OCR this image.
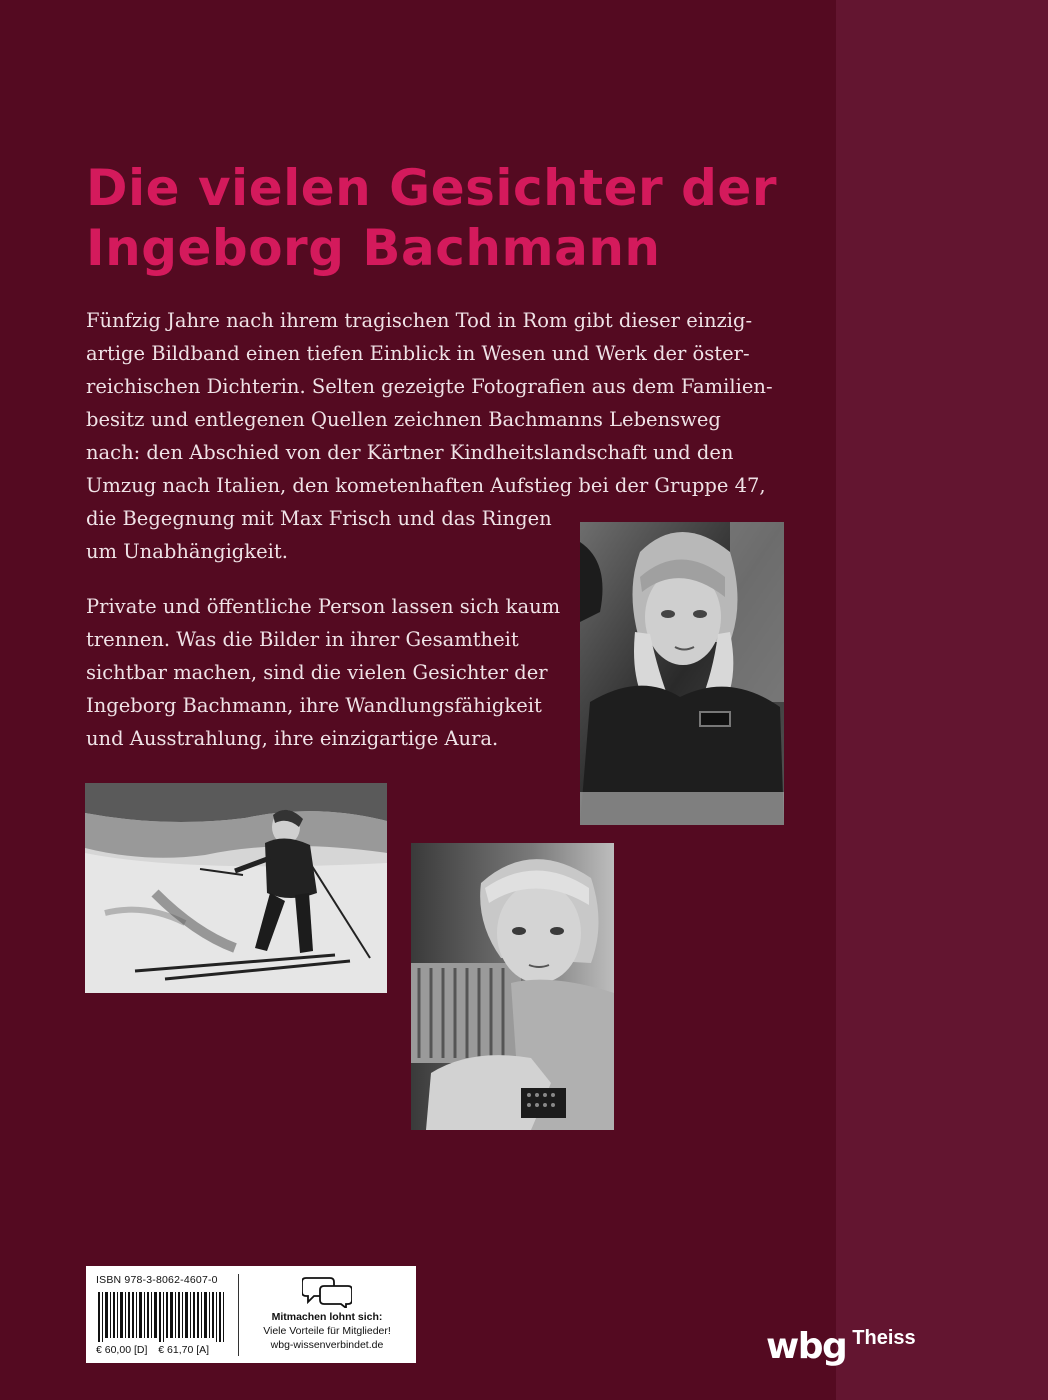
Die vielen Gesichter der
Ingeborg Bachmann

Fünfzig Jahre nach ihrem tragischen Tod in Rom gibt dieser einzig-
artige Bildband einen tiefen Einblick in Wesen und Werk der öster-
reichischen Dichterin. Selten gezeigte Fotografien aus dem Familien-
besitz und entlegenen Quellen zeichnen Bachmanns Lebensweg
nach: den Abschied von der Kärtner Kindheitslandschaft und den
Umzug nach Italien, den kometenhaften Aufstieg bei der Gruppe 47,
die Begegnung mit Max Frisch und das Ringen
um Unabhängigkeit.

Private und öffentliche Person lassen sich kaum
trennen. Was die Bilder in ihrer Gesamtheit
sichtbar machen, sind die vielen Gesichter der
Ingeborg Bachmann, ihre Wandlungsfähigkeit
und Ausstrahlung, ihre einzigartige Aura.

ISBN 978-3-8062-4607-0
€ 60,00 [D] € 61,70 [A]
Mitmachen lohnt sich:
Viele Vorteile für Mitglieder!
wbg-wissenverbindet.de	wbg Theiss
